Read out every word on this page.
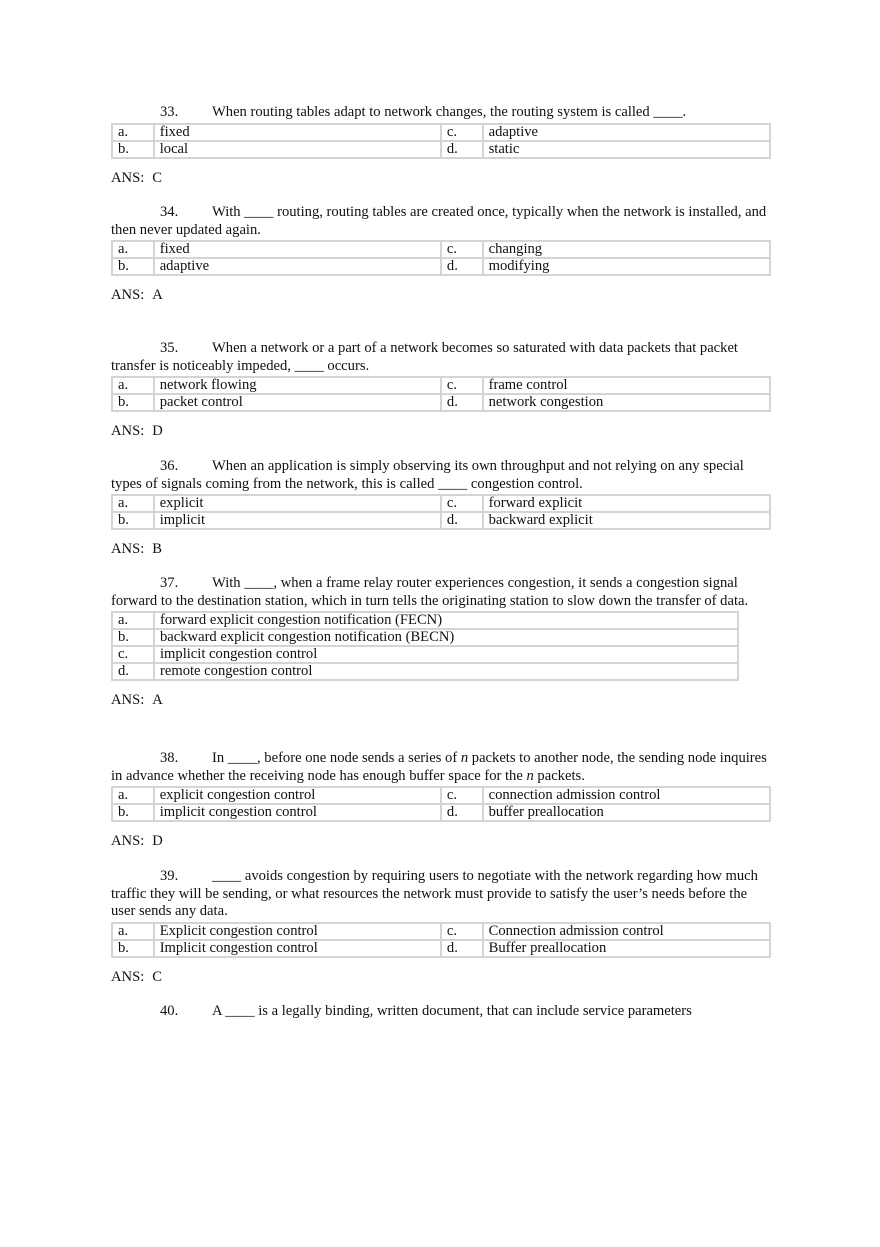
33. When routing tables adapt to network changes, the routing system is called ____.

a.	fixed	c.	adaptive
b.	local	d.	static
ANS: C

34. With ____ routing, routing tables are created once, typically when the network is installed, and then never updated again.

a.	fixed	c.	changing
b.	adaptive	d.	modifying
ANS: A

35. When a network or a part of a network becomes so saturated with data packets that packet transfer is noticeably impeded, ____ occurs.

a.	network flowing	c.	frame control
b.	packet control	d.	network congestion
ANS: D

36. When an application is simply observing its own throughput and not relying on any special types of signals coming from the network, this is called ____ congestion control.

a.	explicit	c.	forward explicit
b.	implicit	d.	backward explicit
ANS: B

37. With ____, when a frame relay router experiences congestion, it sends a congestion signal forward to the destination station, which in turn tells the originating station to slow down the transfer of data.

a.	forward explicit congestion notification (FECN)
b.	backward explicit congestion notification (BECN)
c.	implicit congestion control
d.	remote congestion control
ANS: A

38. In ____, before one node sends a series of n packets to another node, the sending node inquires in advance whether the receiving node has enough buffer space for the n packets.

a.	explicit congestion control	c.	connection admission control
b.	implicit congestion control	d.	buffer preallocation
ANS: D

39. ____ avoids congestion by requiring users to negotiate with the network regarding how much traffic they will be sending, or what resources the network must provide to satisfy the user’s needs before the user sends any data.

a.	Explicit congestion control	c.	Connection admission control
b.	Implicit congestion control	d.	Buffer preallocation
ANS: C

40. A ____ is a legally binding, written document, that can include service parameters
